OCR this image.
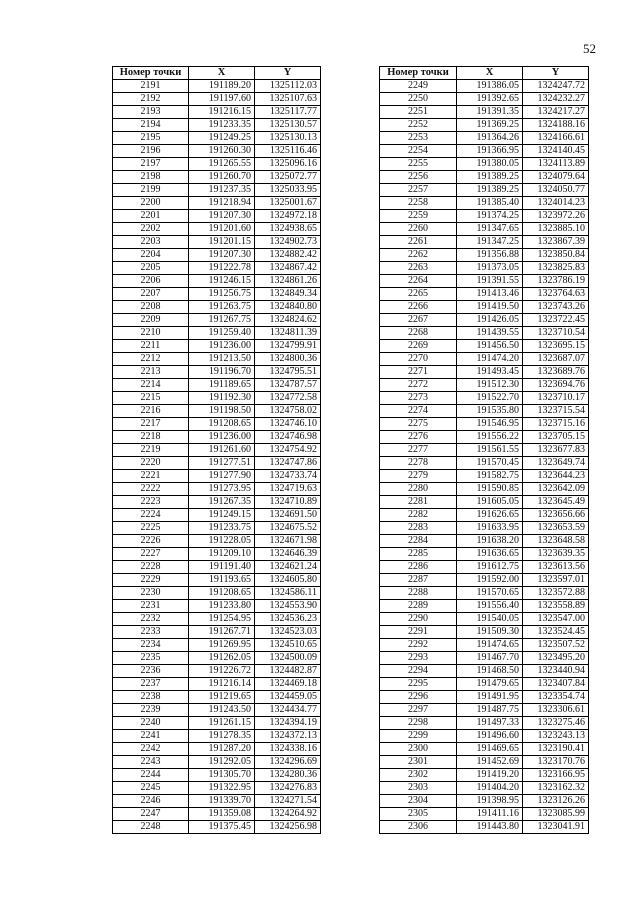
52
Номер точки	X	Y
2191	191189.20	1325112.03
2192	191197.60	1325107.63
2193	191216.15	1325117.77
2194	191233.35	1325130.57
2195	191249.25	1325130.13
2196	191260.30	1325116.46
2197	191265.55	1325096.16
2198	191260.70	1325072.77
2199	191237.35	1325033.95
2200	191218.94	1325001.67
2201	191207.30	1324972.18
2202	191201.60	1324938.65
2203	191201.15	1324902.73
2204	191207.30	1324882.42
2205	191222.78	1324867.42
2206	191246.15	1324861.26
2207	191256.75	1324849.34
2208	191263.75	1324840.80
2209	191267.75	1324824.62
2210	191259.40	1324811.39
2211	191236.00	1324799.91
2212	191213.50	1324800.36
2213	191196.70	1324795.51
2214	191189.65	1324787.57
2215	191192.30	1324772.58
2216	191198.50	1324758.02
2217	191208.65	1324746.10
2218	191236.00	1324746.98
2219	191261.60	1324754.92
2220	191277.51	1324747.86
2221	191277.90	1324733.74
2222	191273.95	1324719.63
2223	191267.35	1324710.89
2224	191249.15	1324691.50
2225	191233.75	1324675.52
2226	191228.05	1324671.98
2227	191209.10	1324646.39
2228	191191.40	1324621.24
2229	191193.65	1324605.80
2230	191208.65	1324586.11
2231	191233.80	1324553.90
2232	191254.95	1324536.23
2233	191267.71	1324523.03
2234	191269.95	1324510.65
2235	191262.05	1324500.09
2236	191226.72	1324482.87
2237	191216.14	1324469.18
2238	191219.65	1324459.05
2239	191243.50	1324434.77
2240	191261.15	1324394.19
2241	191278.35	1324372.13
2242	191287.20	1324338.16
2243	191292.05	1324296.69
2244	191305.70	1324280.36
2245	191322.95	1324276.83
2246	191339.70	1324271.54
2247	191359.08	1324264.92
2248	191375.45	1324256.98
Номер точки	X	Y
2249	191386.05	1324247.72
2250	191392.65	1324232.27
2251	191391.35	1324217.27
2252	191369.25	1324188.16
2253	191364.26	1324166.61
2254	191366.95	1324140.45
2255	191380.05	1324113.89
2256	191389.25	1324079.64
2257	191389.25	1324050.77
2258	191385.40	1324014.23
2259	191374.25	1323972.26
2260	191347.65	1323885.10
2261	191347.25	1323867.39
2262	191356.88	1323850.84
2263	191373.05	1323825.83
2264	191391.55	1323786.19
2265	191413.46	1323764.63
2266	191419.50	1323743.26
2267	191426.05	1323722.45
2268	191439.55	1323710.54
2269	191456.50	1323695.15
2270	191474.20	1323687.07
2271	191493.45	1323689.76
2272	191512.30	1323694.76
2273	191522.70	1323710.17
2274	191535.80	1323715.54
2275	191546.95	1323715.16
2276	191556.22	1323705.15
2277	191561.55	1323677.83
2278	191570.45	1323649.74
2279	191582.75	1323644.23
2280	191590.85	1323642.09
2281	191605.05	1323645.49
2282	191626.65	1323656.66
2283	191633.95	1323653.59
2284	191638.20	1323648.58
2285	191636.65	1323639.35
2286	191612.75	1323613.56
2287	191592.00	1323597.01
2288	191570.65	1323572.88
2289	191556.40	1323558.89
2290	191540.05	1323547.00
2291	191509.30	1323524.45
2292	191474.65	1323507.52
2293	191467.70	1323495.20
2294	191468.50	1323440.94
2295	191479.65	1323407.84
2296	191491.95	1323354.74
2297	191487.75	1323306.61
2298	191497.33	1323275.46
2299	191496.60	1323243.13
2300	191469.65	1323190.41
2301	191452.69	1323170.76
2302	191419.20	1323166.95
2303	191404.20	1323162.32
2304	191398.95	1323126.26
2305	191411.16	1323085.99
2306	191443.80	1323041.91
